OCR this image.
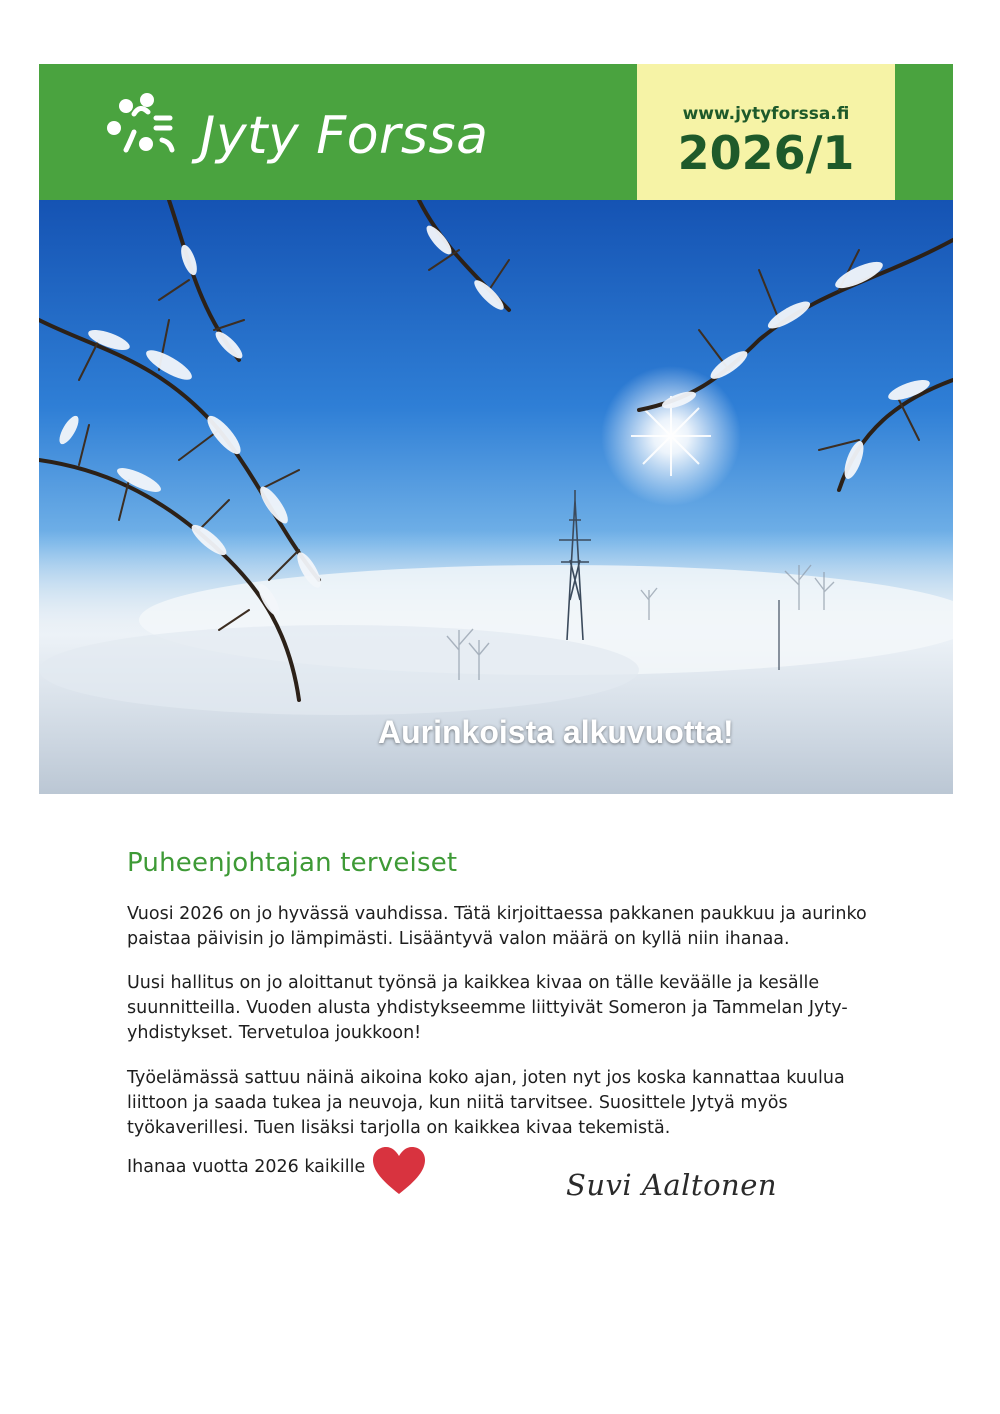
Jyty Forssa	www.jytyforssa.fi
2026/1
Aurinkoista alkuvuotta!
Puheenjohtajan terveiset

Vuosi 2026 on jo hyvässä vauhdissa. Tätä kirjoittaessa pakkanen paukkuu ja aurinko paistaa päivisin jo lämpimästi. Lisääntyvä valon määrä on kyllä niin ihanaa.

Uusi hallitus on jo aloittanut työnsä ja kaikkea kivaa on tälle keväälle ja kesälle suunnitteilla. Vuoden alusta yhdistykseemme liittyivät Someron ja Tammelan Jyty-yhdistykset. Tervetuloa joukkoon!

Työelämässä sattuu näinä aikoina koko ajan, joten nyt jos koska kannattaa kuulua liittoon ja saada tukea ja neuvoja, kun niitä tarvitsee. Suosittele Jytyä myös työkaverillesi. Tuen lisäksi tarjolla on kaikkea kivaa tekemistä.

Ihanaa vuotta 2026 kaikille
Suvi Aaltonen
